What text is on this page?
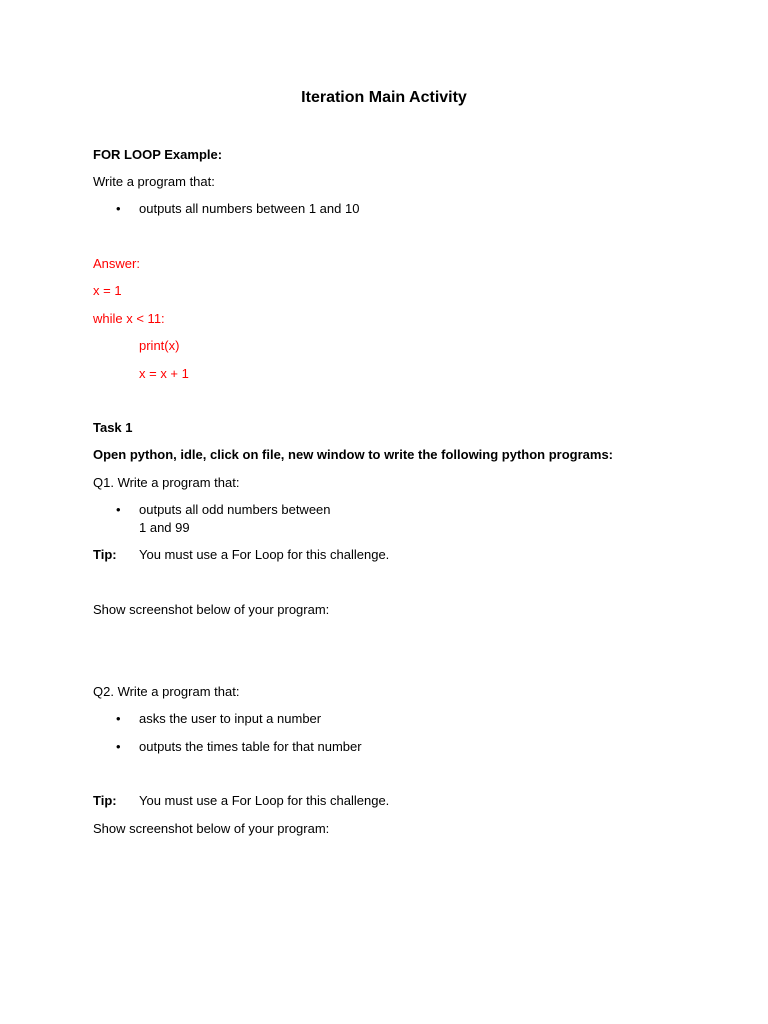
Iteration Main Activity
FOR LOOP Example:
Write a program that:
• outputs all numbers between 1 and 10
Answer:
x = 1
while x < 11:
print(x)
x = x + 1
Task 1
Open python, idle, click on file, new window to write the following python programs:
Q1. Write a program that:
• outputs all odd numbers between
1 and 99
Tip: You must use a For Loop for this challenge.
Show screenshot below of your program:
Q2. Write a program that:
• asks the user to input a number
• outputs the times table for that number
Tip: You must use a For Loop for this challenge.
Show screenshot below of your program:
